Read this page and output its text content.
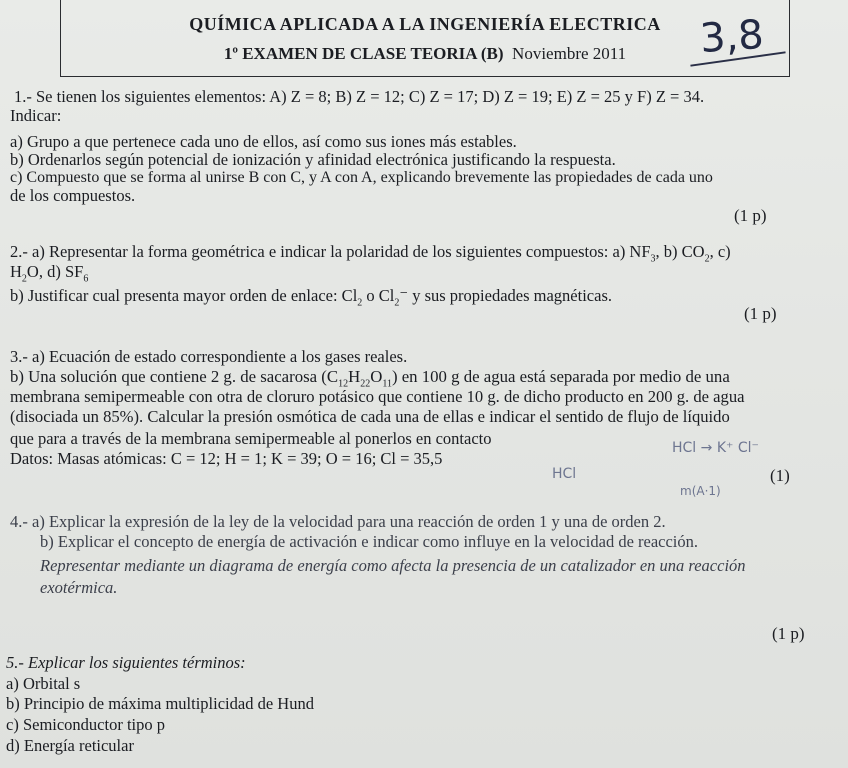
QUÍMICA APLICADA A LA INGENIERÍA ELECTRICA
1º EXAMEN DE CLASE TEORIA (B) Noviembre 2011	3,8
1.- Se tienen los siguientes elementos: A) Z = 8; B) Z = 12; C) Z = 17; D) Z = 19; E) Z = 25 y F) Z = 34.
Indicar:
a) Grupo a que pertenece cada uno de ellos, así como sus iones más estables.
b) Ordenarlos según potencial de ionización y afinidad electrónica justificando la respuesta.
c) Compuesto que se forma al unirse B con C, y A con A, explicando brevemente las propiedades de cada uno
de los compuestos.
(1 p)
2.- a) Representar la forma geométrica e indicar la polaridad de los siguientes compuestos: a) $NF_3$, b) $CO_2$, c)
$H_2O$, d) $SF_6$
b) Justificar cual presenta mayor orden de enlace: $Cl_2$ o $Cl_2^-$ y sus propiedades magnéticas.
(1 p)
3.- a) Ecuación de estado correspondiente a los gases reales.
b) Una solución que contiene 2 g. de sacarosa $(C_{12}H_{22}O_{11})$ en 100 g de agua está separada por medio de una
membrana semipermeable con otra de cloruro potásico que contiene 10 g. de dicho producto en 200 g. de agua
(disociada un 85%). Calcular la presión osmótica de cada una de ellas e indicar el sentido de flujo de líquido
que para a través de la membrana semipermeable al ponerlos en contacto
Datos: Masas atómicas: C = 12; H = 1; K = 39; O = 16; Cl = 35,5
(1)
HCl → K⁺ Cl⁻
HCl
m(A·1)
4.- a) Explicar la expresión de la ley de la velocidad para una reacción de orden 1 y una de orden 2.
b) Explicar el concepto de energía de activación e indicar como influye en la velocidad de reacción.
Representar mediante un diagrama de energía como afecta la presencia de un catalizador en una reacción
exotérmica.
(1 p)
5.- Explicar los siguientes términos:
a) Orbital s
b) Principio de máxima multiplicidad de Hund
c) Semiconductor tipo p
d) Energía reticular
